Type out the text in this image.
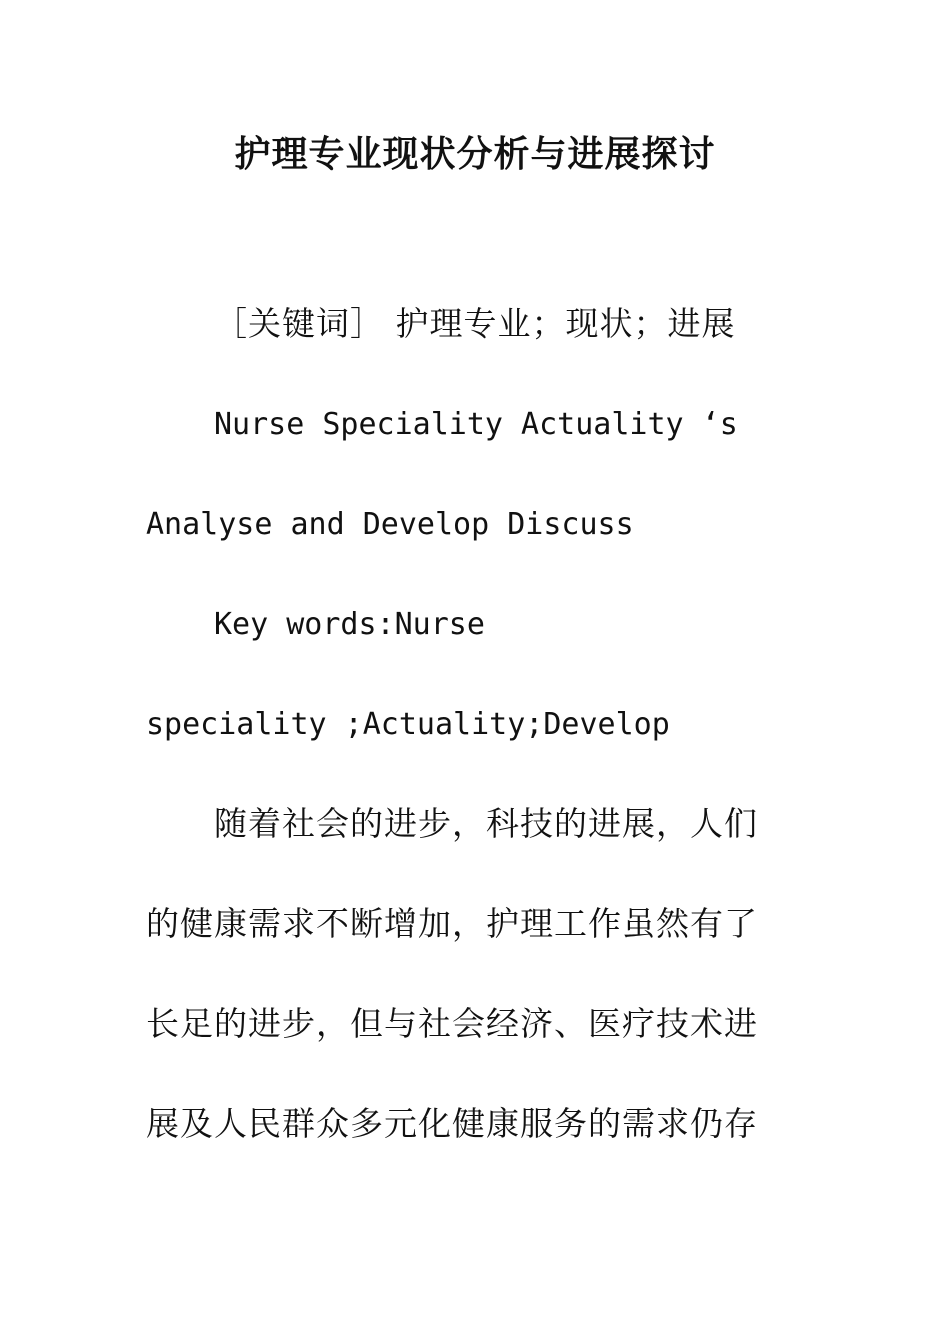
护理专业现状分析与进展探讨
［关键词］ 护理专业；现状；进展
Nurse Speciality Actuality ‘s
Analyse and Develop Discuss
Key words:Nurse
speciality ;Actuality;Develop
随着社会的进步，科技的进展，人们
的健康需求不断增加，护理工作虽然有了
长足的进步，但与社会经济、医疗技术进
展及人民群众多元化健康服务的需求仍存
